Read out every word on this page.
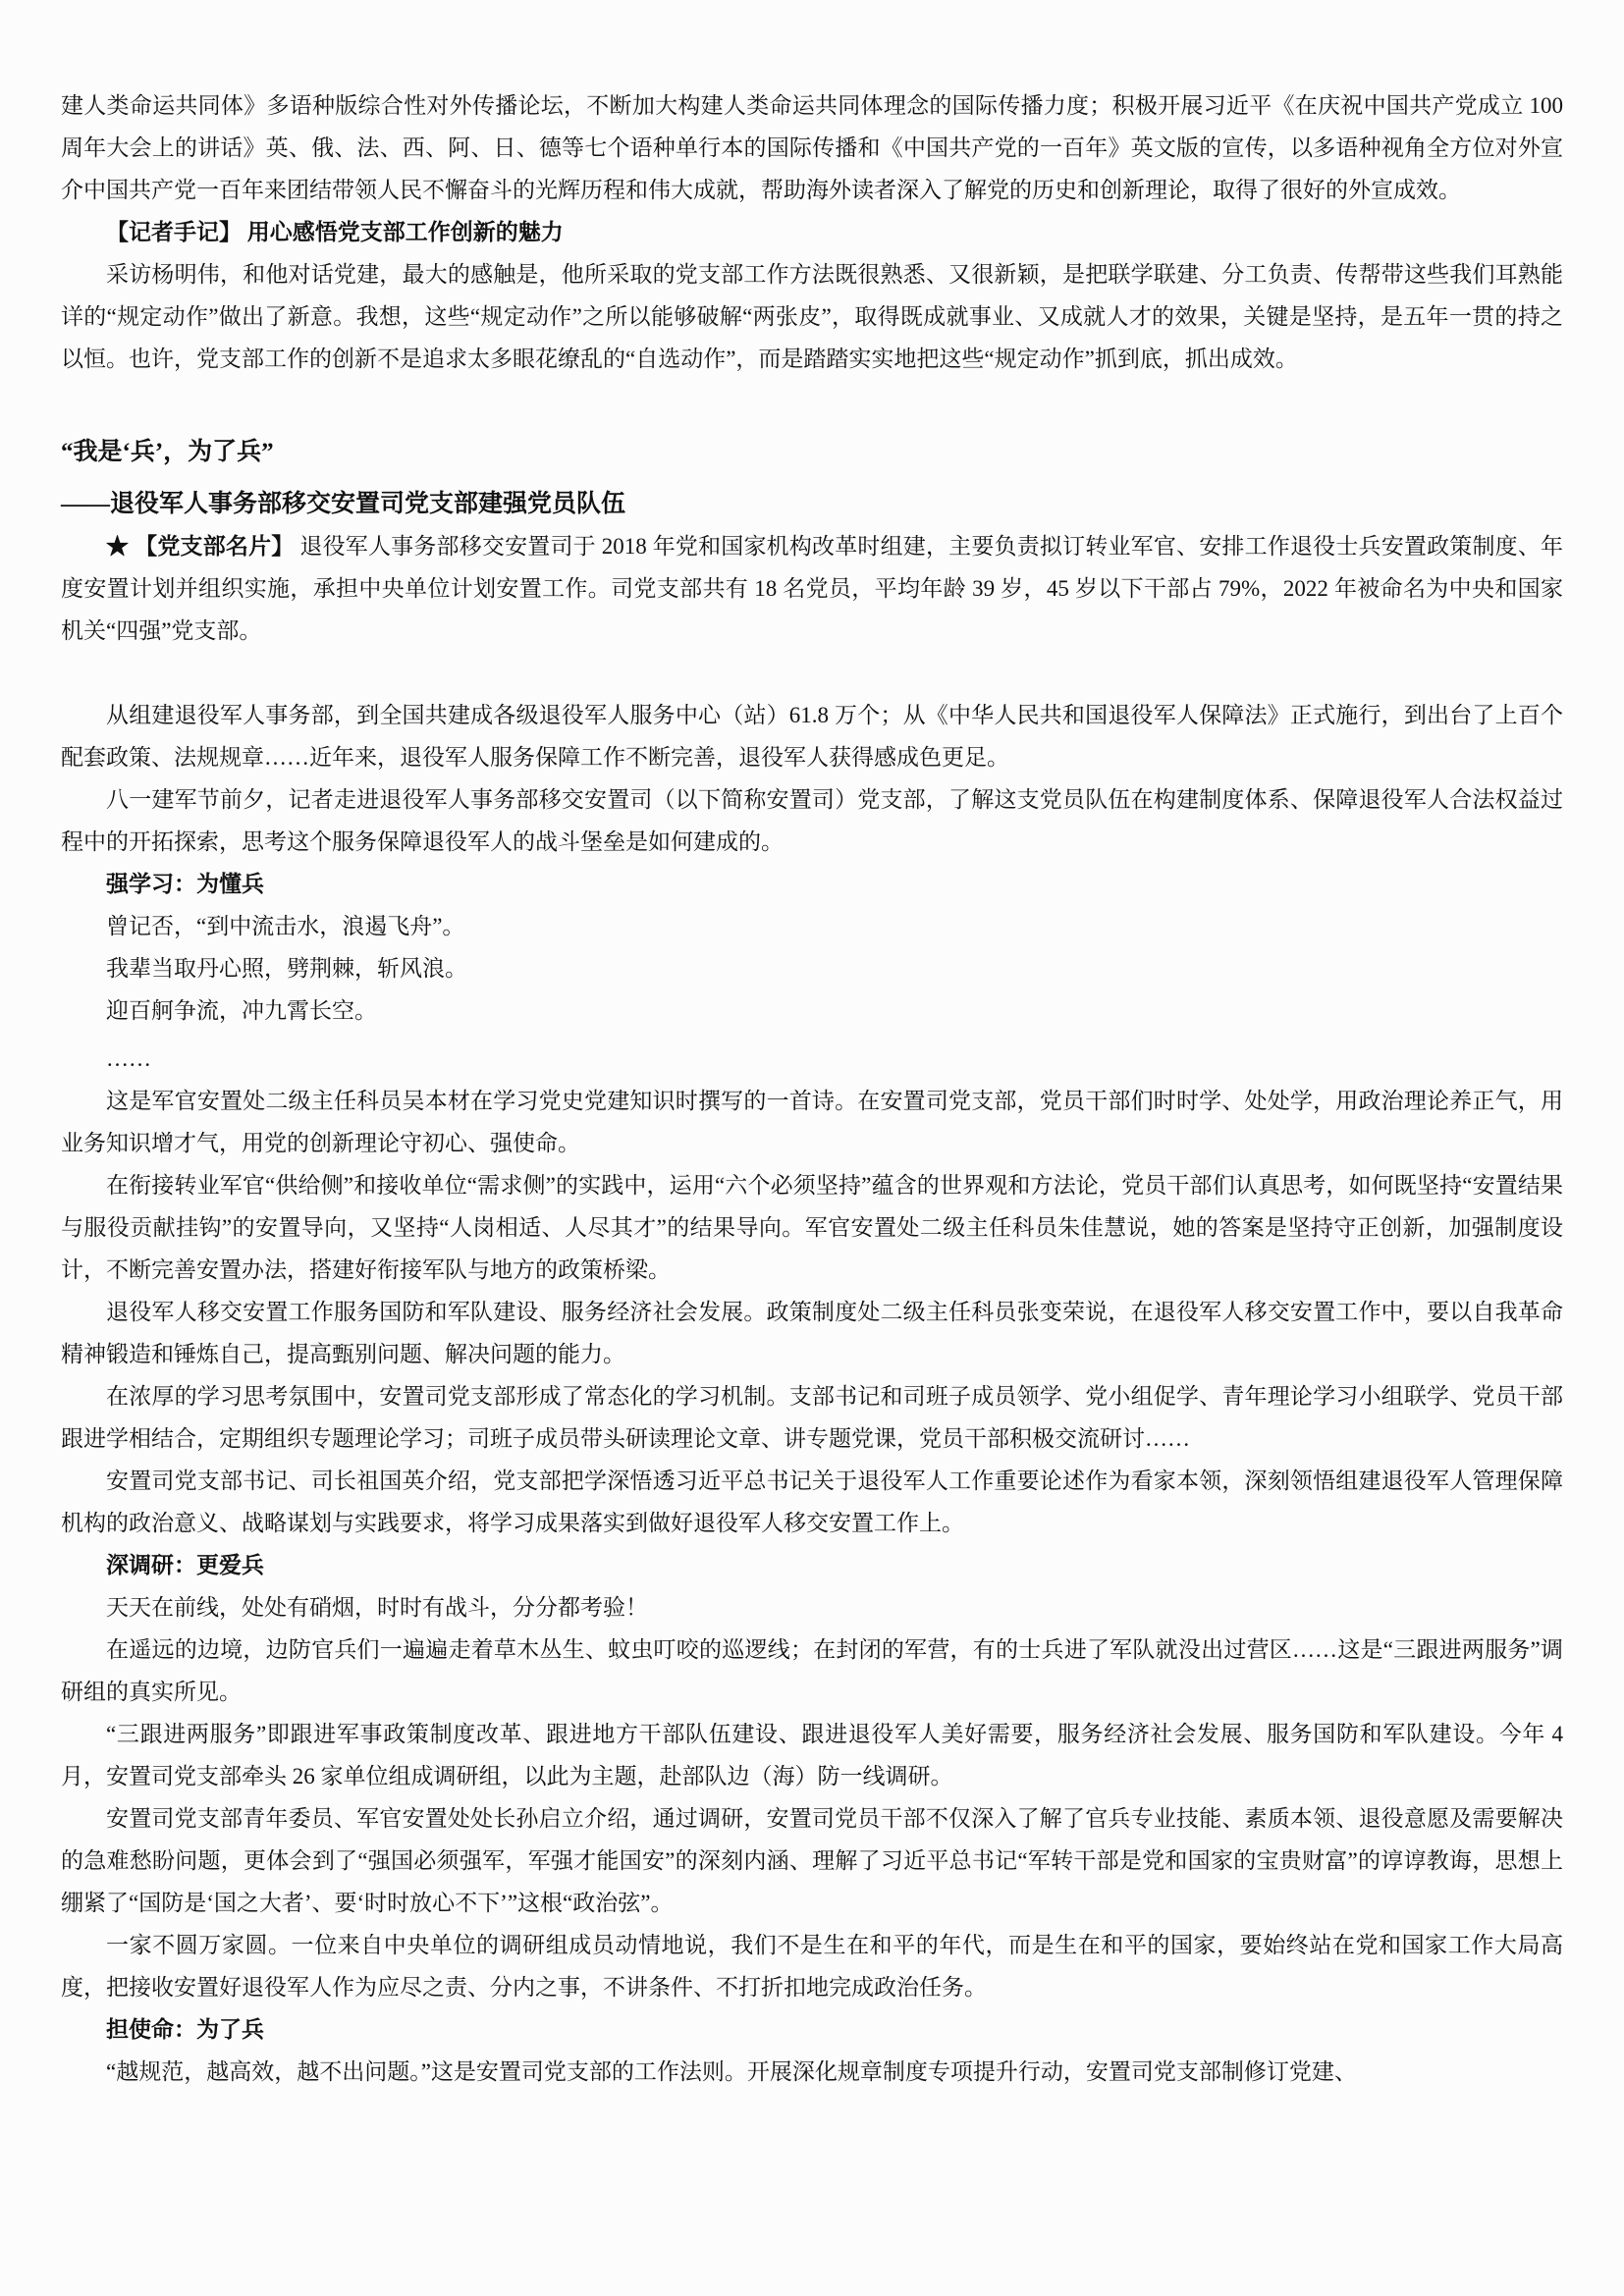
建人类命运共同体》多语种版综合性对外传播论坛，不断加大构建人类命运共同体理念的国际传播力度；积极开展习近平《在庆祝中国共产党成立 100 周年大会上的讲话》英、俄、法、西、阿、日、德等七个语种单行本的国际传播和《中国共产党的一百年》英文版的宣传，以多语种视角全方位对外宣介中国共产党一百年来团结带领人民不懈奋斗的光辉历程和伟大成就，帮助海外读者深入了解党的历史和创新理论，取得了很好的外宣成效。

【记者手记】 用心感悟党支部工作创新的魅力

采访杨明伟，和他对话党建，最大的感触是，他所采取的党支部工作方法既很熟悉、又很新颖，是把联学联建、分工负责、传帮带这些我们耳熟能详的“规定动作”做出了新意。我想，这些“规定动作”之所以能够破解“两张皮”，取得既成就事业、又成就人才的效果，关键是坚持，是五年一贯的持之以恒。也许，党支部工作的创新不是追求太多眼花缭乱的“自选动作”，而是踏踏实实地把这些“规定动作”抓到底，抓出成效。

“我是‘兵’，为了兵”

——退役军人事务部移交安置司党支部建强党员队伍

★ 【党支部名片】 退役军人事务部移交安置司于 2018 年党和国家机构改革时组建，主要负责拟订转业军官、安排工作退役士兵安置政策制度、年度安置计划并组织实施，承担中央单位计划安置工作。司党支部共有 18 名党员，平均年龄 39 岁，45 岁以下干部占 79%，2022 年被命名为中央和国家机关“四强”党支部。

从组建退役军人事务部，到全国共建成各级退役军人服务中心（站）61.8 万个；从《中华人民共和国退役军人保障法》正式施行，到出台了上百个配套政策、法规规章……近年来，退役军人服务保障工作不断完善，退役军人获得感成色更足。

八一建军节前夕，记者走进退役军人事务部移交安置司（以下简称安置司）党支部，了解这支党员队伍在构建制度体系、保障退役军人合法权益过程中的开拓探索，思考这个服务保障退役军人的战斗堡垒是如何建成的。

强学习：为懂兵

曾记否，“到中流击水，浪遏飞舟”。

我辈当取丹心照，劈荆棘，斩风浪。

迎百舸争流，冲九霄长空。

……

这是军官安置处二级主任科员吴本材在学习党史党建知识时撰写的一首诗。在安置司党支部，党员干部们时时学、处处学，用政治理论养正气，用业务知识增才气，用党的创新理论守初心、强使命。

在衔接转业军官“供给侧”和接收单位“需求侧”的实践中，运用“六个必须坚持”蕴含的世界观和方法论，党员干部们认真思考，如何既坚持“安置结果与服役贡献挂钩”的安置导向，又坚持“人岗相适、人尽其才”的结果导向。军官安置处二级主任科员朱佳慧说，她的答案是坚持守正创新，加强制度设计，不断完善安置办法，搭建好衔接军队与地方的政策桥梁。

退役军人移交安置工作服务国防和军队建设、服务经济社会发展。政策制度处二级主任科员张变荣说，在退役军人移交安置工作中，要以自我革命精神锻造和锤炼自己，提高甄别问题、解决问题的能力。

在浓厚的学习思考氛围中，安置司党支部形成了常态化的学习机制。支部书记和司班子成员领学、党小组促学、青年理论学习小组联学、党员干部跟进学相结合，定期组织专题理论学习；司班子成员带头研读理论文章、讲专题党课，党员干部积极交流研讨……

安置司党支部书记、司长祖国英介绍，党支部把学深悟透习近平总书记关于退役军人工作重要论述作为看家本领，深刻领悟组建退役军人管理保障机构的政治意义、战略谋划与实践要求，将学习成果落实到做好退役军人移交安置工作上。

深调研：更爱兵

天天在前线，处处有硝烟，时时有战斗，分分都考验！

在遥远的边境，边防官兵们一遍遍走着草木丛生、蚊虫叮咬的巡逻线；在封闭的军营，有的士兵进了军队就没出过营区……这是“三跟进两服务”调研组的真实所见。

“三跟进两服务”即跟进军事政策制度改革、跟进地方干部队伍建设、跟进退役军人美好需要，服务经济社会发展、服务国防和军队建设。今年 4 月，安置司党支部牵头 26 家单位组成调研组，以此为主题，赴部队边（海）防一线调研。

安置司党支部青年委员、军官安置处处长孙启立介绍，通过调研，安置司党员干部不仅深入了解了官兵专业技能、素质本领、退役意愿及需要解决的急难愁盼问题，更体会到了“强国必须强军，军强才能国安”的深刻内涵、理解了习近平总书记“军转干部是党和国家的宝贵财富”的谆谆教诲，思想上绷紧了“国防是‘国之大者’、要‘时时放心不下’”这根“政治弦”。

一家不圆万家圆。一位来自中央单位的调研组成员动情地说，我们不是生在和平的年代，而是生在和平的国家，要始终站在党和国家工作大局高度，把接收安置好退役军人作为应尽之责、分内之事，不讲条件、不打折扣地完成政治任务。

担使命：为了兵

“越规范，越高效，越不出问题。”这是安置司党支部的工作法则。开展深化规章制度专项提升行动，安置司党支部制修订党建、
